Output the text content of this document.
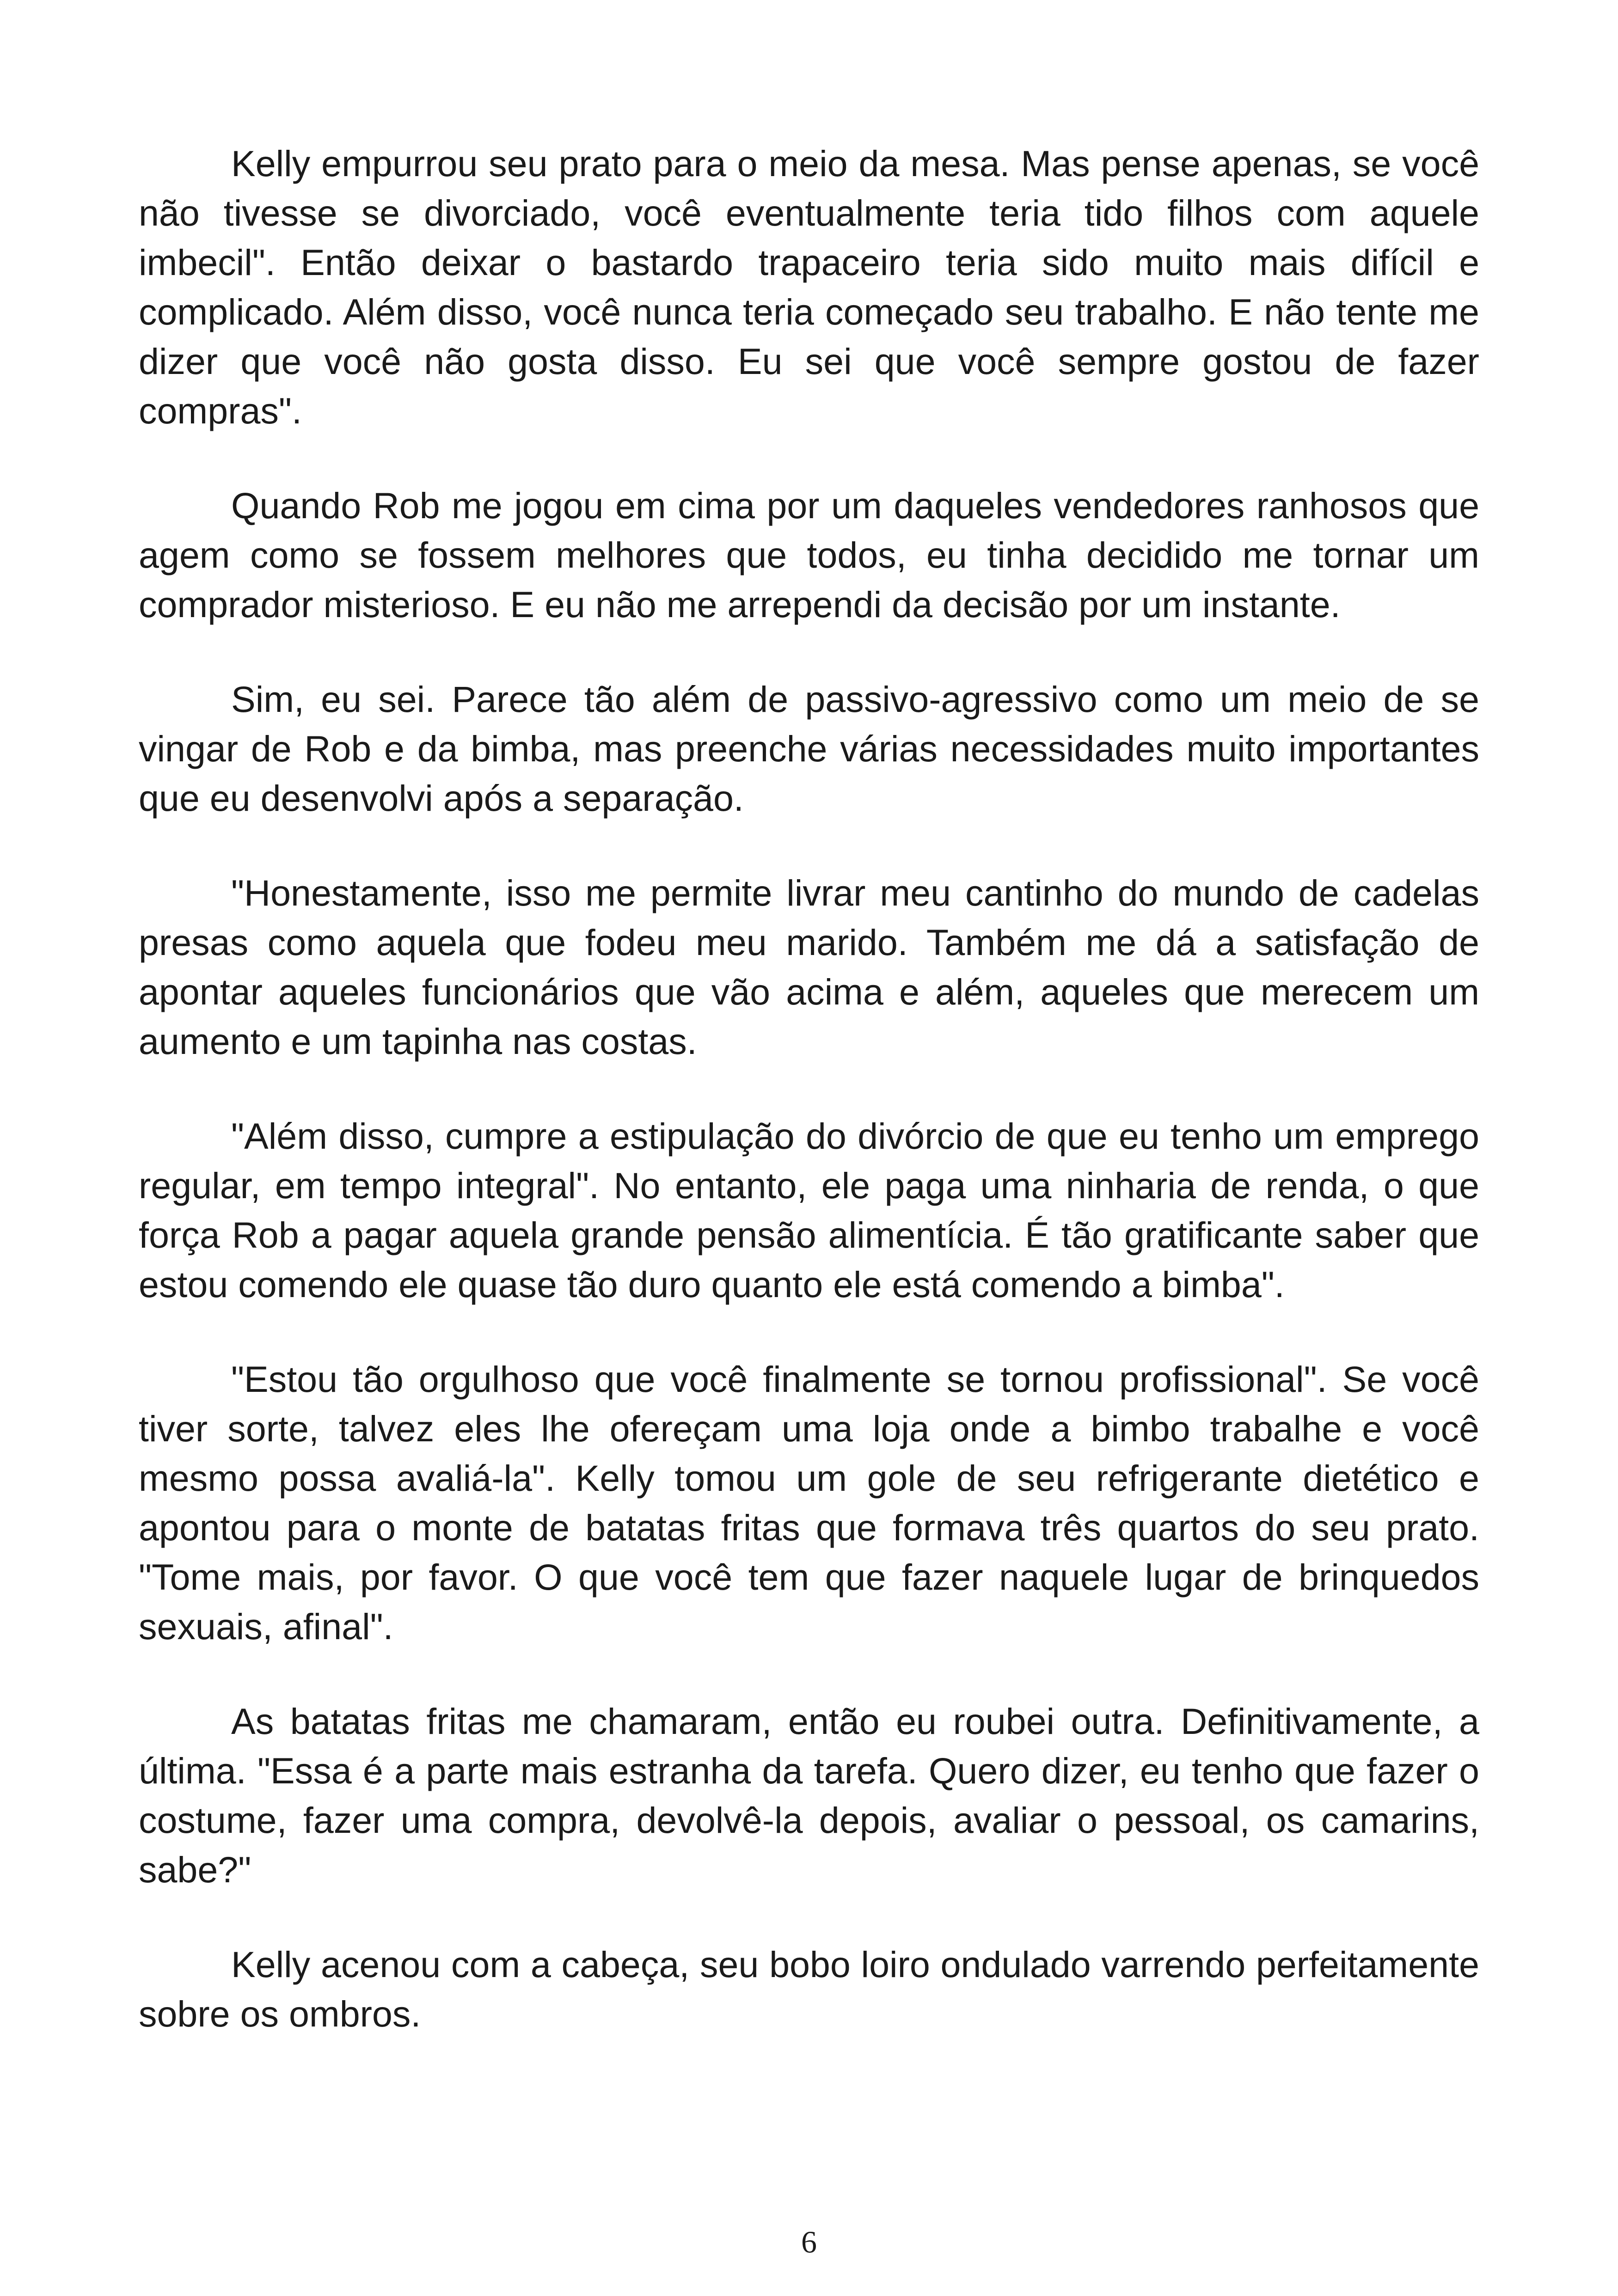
Kelly empurrou seu prato para o meio da mesa. Mas pense apenas, se você não tivesse se divorciado, você eventualmente teria tido filhos com aquele imbecil". Então deixar o bastardo trapaceiro teria sido muito mais difícil e complicado. Além disso, você nunca teria começado seu trabalho. E não tente me dizer que você não gosta disso. Eu sei que você sempre gostou de fazer compras".

Quando Rob me jogou em cima por um daqueles vendedores ranhosos que agem como se fossem melhores que todos, eu tinha decidido me tornar um comprador misterioso. E eu não me arrependi da decisão por um instante.

Sim, eu sei. Parece tão além de passivo-agressivo como um meio de se vingar de Rob e da bimba, mas preenche várias necessidades muito importantes que eu desenvolvi após a separação.

"Honestamente, isso me permite livrar meu cantinho do mundo de cadelas presas como aquela que fodeu meu marido. Também me dá a satisfação de apontar aqueles funcionários que vão acima e além, aqueles que merecem um aumento e um tapinha nas costas.

"Além disso, cumpre a estipulação do divórcio de que eu tenho um emprego regular, em tempo integral". No entanto, ele paga uma ninharia de renda, o que força Rob a pagar aquela grande pensão alimentícia. É tão gratificante saber que estou comendo ele quase tão duro quanto ele está comendo a bimba".

"Estou tão orgulhoso que você finalmente se tornou profissional". Se você tiver sorte, talvez eles lhe ofereçam uma loja onde a bimbo trabalhe e você mesmo possa avaliá-la". Kelly tomou um gole de seu refrigerante dietético e apontou para o monte de batatas fritas que formava três quartos do seu prato. "Tome mais, por favor. O que você tem que fazer naquele lugar de brinquedos sexuais, afinal".

As batatas fritas me chamaram, então eu roubei outra. Definitivamente, a última. "Essa é a parte mais estranha da tarefa. Quero dizer, eu tenho que fazer o costume, fazer uma compra, devolvê-la depois, avaliar o pessoal, os camarins, sabe?"

Kelly acenou com a cabeça, seu bobo loiro ondulado varrendo perfeitamente sobre os ombros.

6
